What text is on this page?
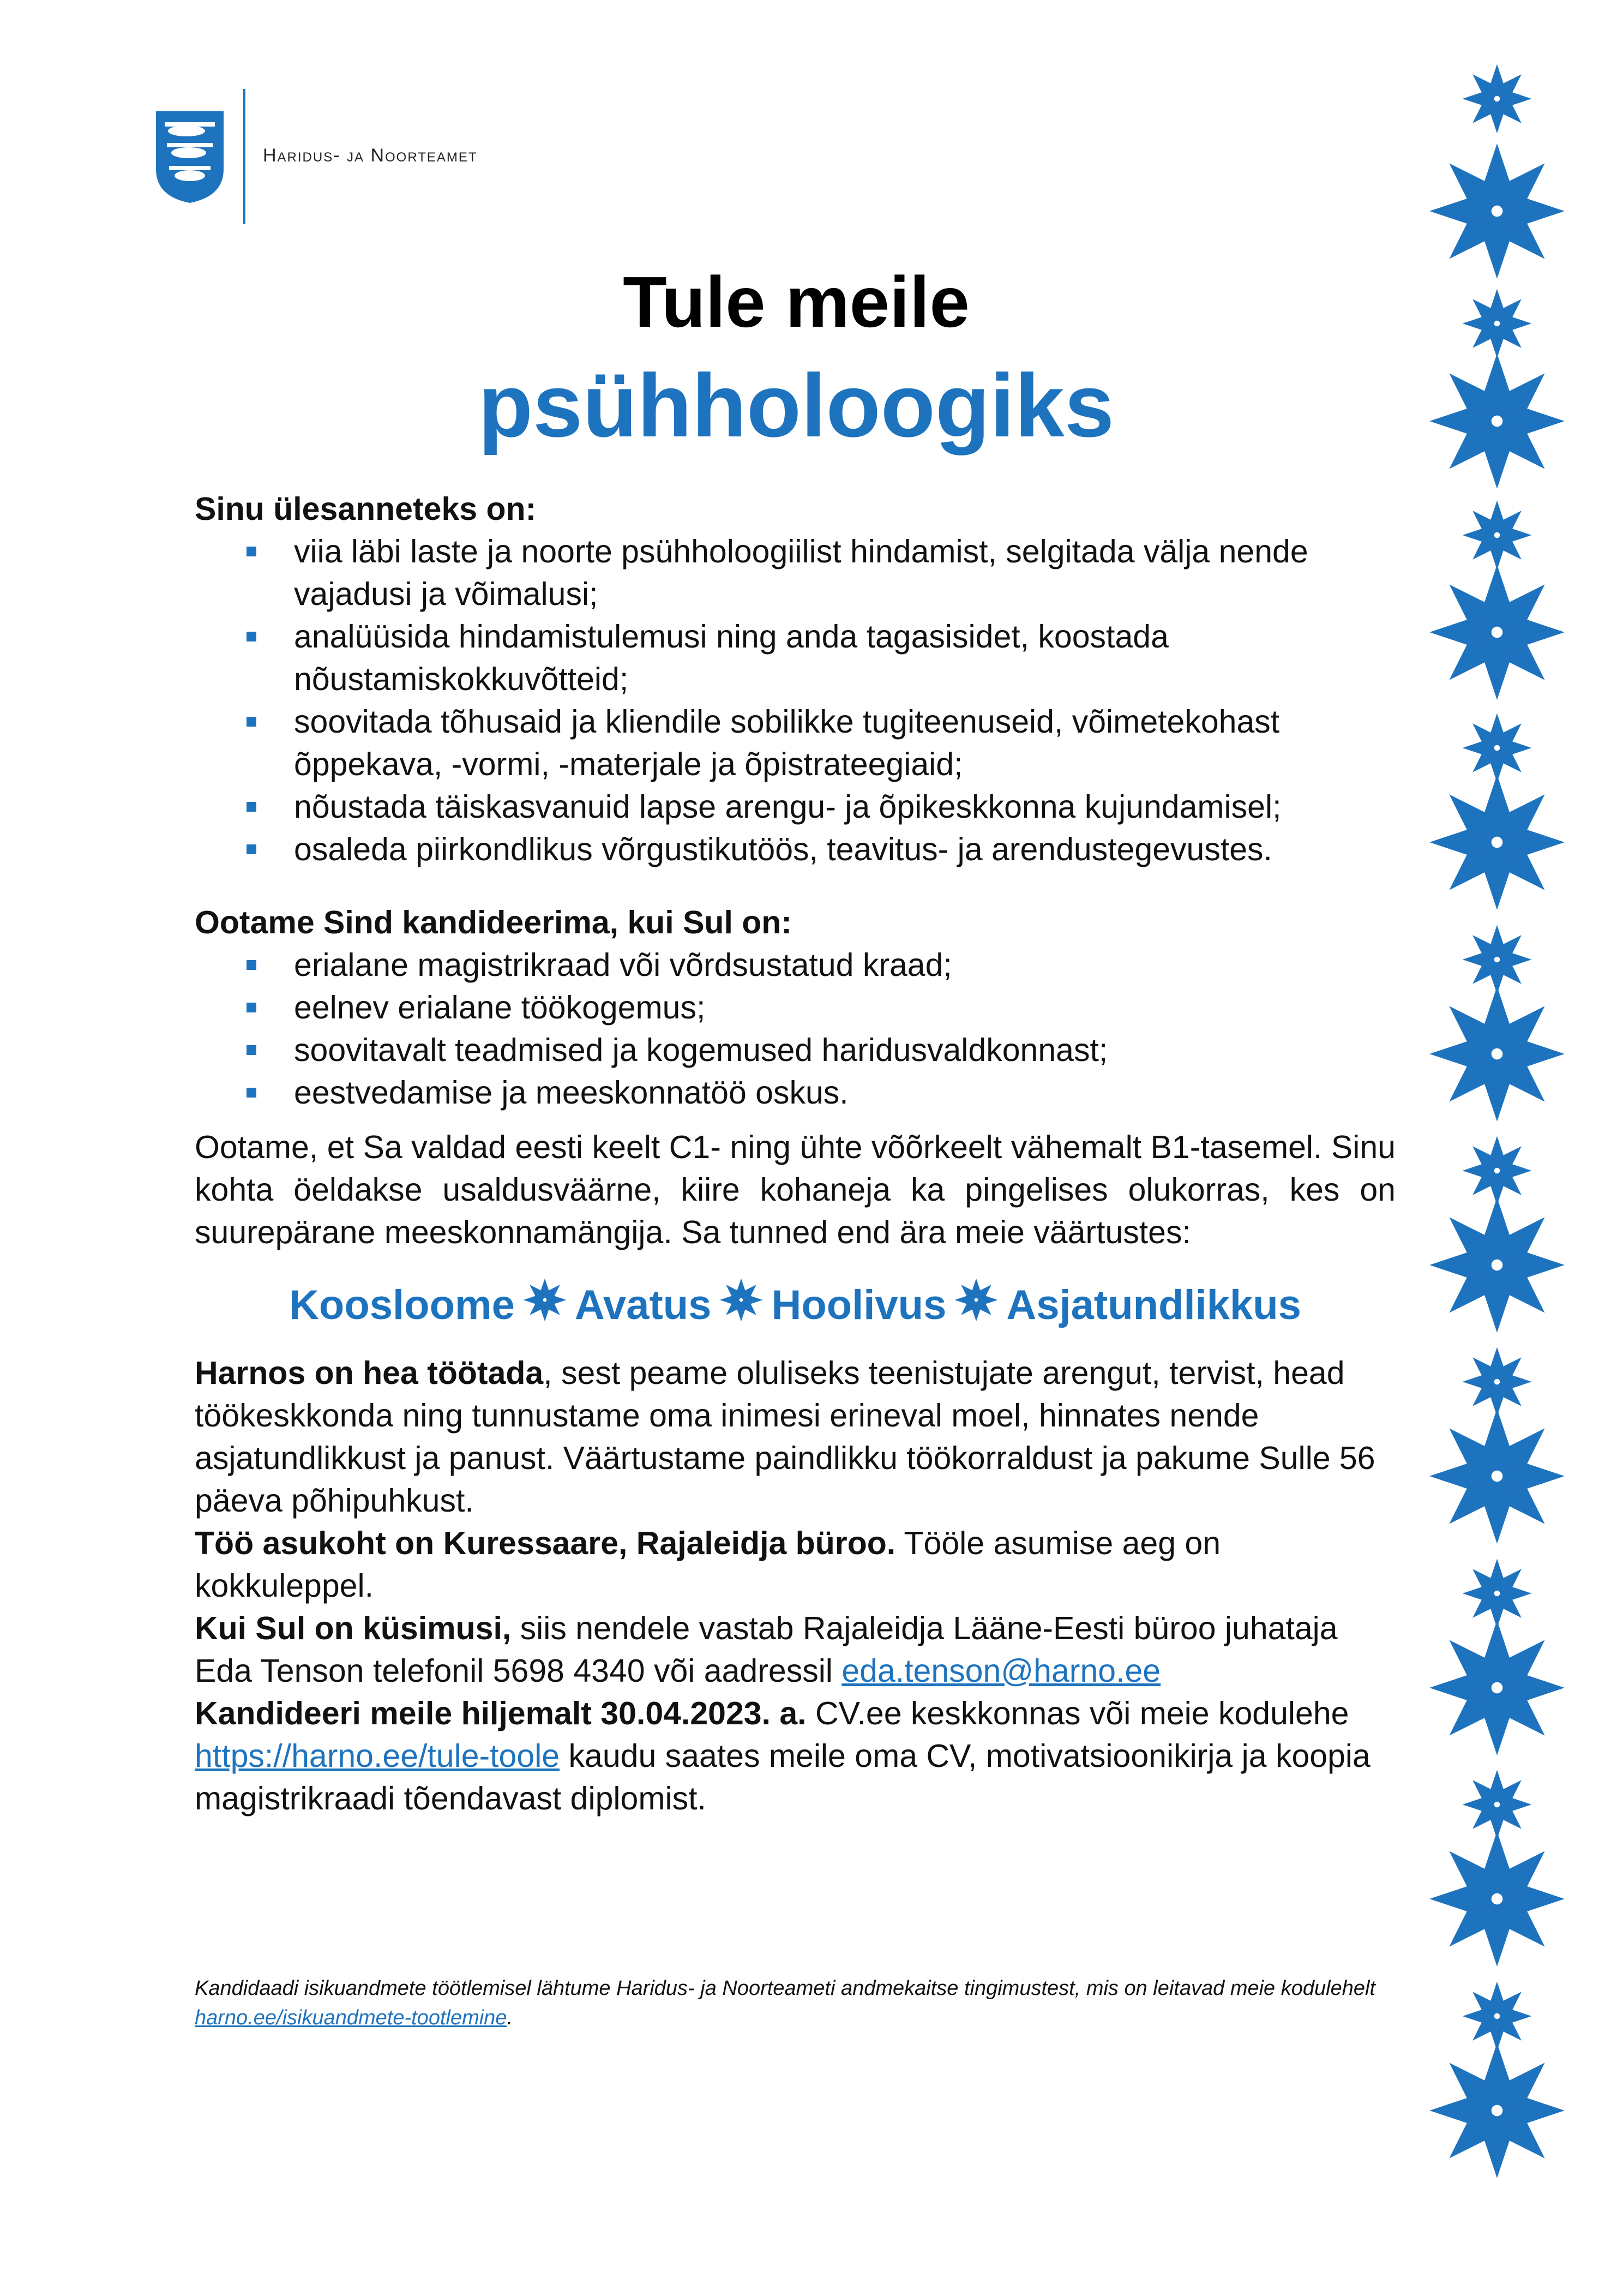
Haridus- ja Noorteamet
Tule meile
psühholoogiks

Sinu ülesanneteks on:

viia läbi laste ja noorte psühholoogiilist hindamist, selgitada välja nende vajadusi ja võimalusi;
analüüsida hindamistulemusi ning anda tagasisidet, koostada nõustamiskokkuvõtteid;
soovitada tõhusaid ja kliendile sobilikke tugiteenuseid, võimetekohast õppekava, -vormi, -materjale ja õpistrateegiaid;
nõustada täiskasvanuid lapse arengu- ja õpikeskkonna kujundamisel;
osaleda piirkondlikus võrgustikutöös, teavitus- ja arendustegevustes.

Ootame Sind kandideerima, kui Sul on:

erialane magistrikraad või võrdsustatud kraad;
eelnev erialane töökogemus;
soovitavalt teadmised ja kogemused haridusvaldkonnast;
eestvedamise ja meeskonnatöö oskus.

Ootame, et Sa valdad eesti keelt C1- ning ühte võõrkeelt vähemalt B1-tasemel. Sinu kohta öeldakse usaldusväärne, kiire kohaneja ka pingelises olukorras, kes on suurepärane meeskonnamängija. Sa tunned end ära meie väärtustes:

Koosloome Avatus Hoolivus Asjatundlikkus

Harnos on hea töötada, sest peame oluliseks teenistujate arengut, tervist, head töökeskkonda ning tunnustame oma inimesi erineval moel, hinnates nende asjatundlikkust ja panust. Väärtustame paindlikku töökorraldust ja pakume Sulle 56 päeva põhipuhkust.

Töö asukoht on Kuressaare, Rajaleidja büroo. Tööle asumise aeg on kokkuleppel.

Kui Sul on küsimusi, siis nendele vastab Rajaleidja Lääne-Eesti büroo juhataja Eda Tenson telefonil 5698 4340 või aadressil eda.tenson@harno.ee

Kandideeri meile hiljemalt 30.04.2023. a. CV.ee keskkonnas või meie kodulehe https://harno.ee/tule-toole kaudu saates meile oma CV, motivatsioonikirja ja koopia magistrikraadi tõendavast diplomist.

Kandidaadi isikuandmete töötlemisel lähtume Haridus- ja Noorteameti andmekaitse tingimustest, mis on leitavad meie kodulehelt harno.ee/isikuandmete-tootlemine.
